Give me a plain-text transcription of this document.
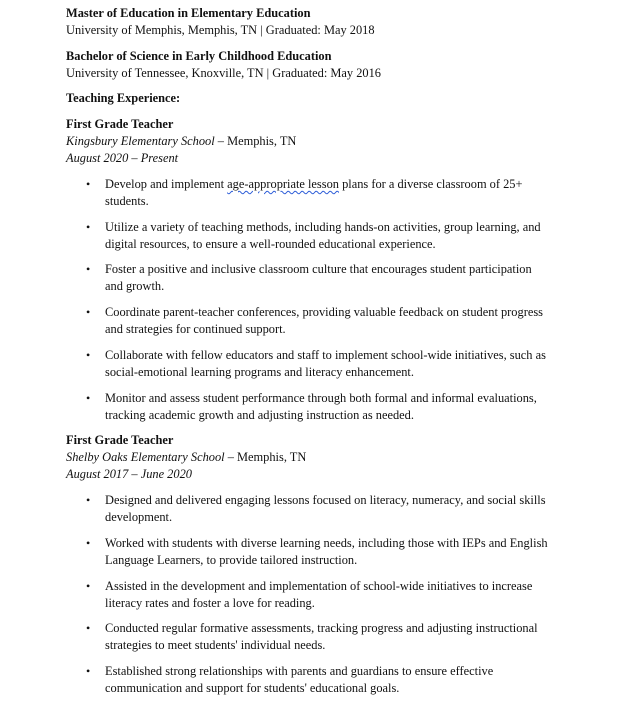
Master of Education in Elementary Education
University of Memphis, Memphis, TN | Graduated: May 2018
Bachelor of Science in Early Childhood Education
University of Tennessee, Knoxville, TN | Graduated: May 2016
Teaching Experience:
First Grade Teacher
Kingsbury Elementary School – Memphis, TN
August 2020 – Present
• Develop and implement age-appropriate lesson plans for a diverse classroom of 25+
students.
• Utilize a variety of teaching methods, including hands-on activities, group learning, and
digital resources, to ensure a well-rounded educational experience.
• Foster a positive and inclusive classroom culture that encourages student participation
and growth.
• Coordinate parent-teacher conferences, providing valuable feedback on student progress
and strategies for continued support.
• Collaborate with fellow educators and staff to implement school-wide initiatives, such as
social-emotional learning programs and literacy enhancement.
• Monitor and assess student performance through both formal and informal evaluations,
tracking academic growth and adjusting instruction as needed.
First Grade Teacher
Shelby Oaks Elementary School – Memphis, TN
August 2017 – June 2020
• Designed and delivered engaging lessons focused on literacy, numeracy, and social skills
development.
• Worked with students with diverse learning needs, including those with IEPs and English
Language Learners, to provide tailored instruction.
• Assisted in the development and implementation of school-wide initiatives to increase
literacy rates and foster a love for reading.
• Conducted regular formative assessments, tracking progress and adjusting instructional
strategies to meet students' individual needs.
• Established strong relationships with parents and guardians to ensure effective
communication and support for students' educational goals.
